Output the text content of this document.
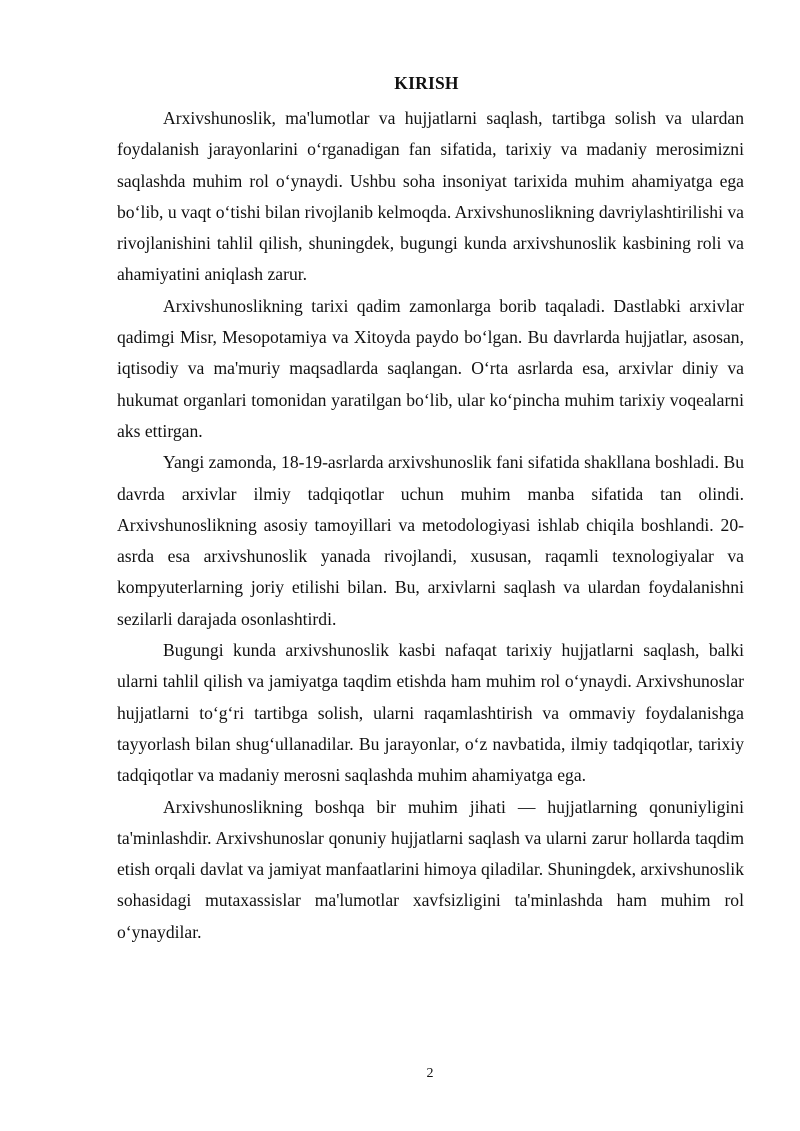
KIRISH

Arxivshunoslik, ma'lumotlar va hujjatlarni saqlash, tartibga solish va ulardan foydalanish jarayonlarini o‘rganadigan fan sifatida, tarixiy va madaniy merosimizni saqlashda muhim rol o‘ynaydi. Ushbu soha insoniyat tarixida muhim ahamiyatga ega bo‘lib, u vaqt o‘tishi bilan rivojlanib kelmoqda. Arxivshunoslikning davriylashtirilishi va rivojlanishini tahlil qilish, shuningdek, bugungi kunda arxivshunoslik kasbining roli va ahamiyatini aniqlash zarur.

Arxivshunoslikning tarixi qadim zamonlarga borib taqaladi. Dastlabki arxivlar qadimgi Misr, Mesopotamiya va Xitoyda paydo bo‘lgan. Bu davrlarda hujjatlar, asosan, iqtisodiy va ma'muriy maqsadlarda saqlangan. O‘rta asrlarda esa, arxivlar diniy va hukumat organlari tomonidan yaratilgan bo‘lib, ular ko‘pincha muhim tarixiy voqealarni aks ettirgan.

Yangi zamonda, 18-19-asrlarda arxivshunoslik fani sifatida shakllana boshladi. Bu davrda arxivlar ilmiy tadqiqotlar uchun muhim manba sifatida tan olindi. Arxivshunoslikning asosiy tamoyillari va metodologiyasi ishlab chiqila boshlandi. 20-asrda esa arxivshunoslik yanada rivojlandi, xususan, raqamli texnologiyalar va kompyuterlarning joriy etilishi bilan. Bu, arxivlarni saqlash va ulardan foydalanishni sezilarli darajada osonlashtirdi.

Bugungi kunda arxivshunoslik kasbi nafaqat tarixiy hujjatlarni saqlash, balki ularni tahlil qilish va jamiyatga taqdim etishda ham muhim rol o‘ynaydi. Arxivshunoslar hujjatlarni to‘g‘ri tartibga solish, ularni raqamlashtirish va ommaviy foydalanishga tayyorlash bilan shug‘ullanadilar. Bu jarayonlar, o‘z navbatida, ilmiy tadqiqotlar, tarixiy tadqiqotlar va madaniy merosni saqlashda muhim ahamiyatga ega.

Arxivshunoslikning boshqa bir muhim jihati — hujjatlarning qonuniyligini ta'minlashdir. Arxivshunoslar qonuniy hujjatlarni saqlash va ularni zarur hollarda taqdim etish orqali davlat va jamiyat manfaatlarini himoya qiladilar. Shuningdek, arxivshunoslik sohasidagi mutaxassislar ma'lumotlar xavfsizligini ta'minlashda ham muhim rol o‘ynaydilar.

2
